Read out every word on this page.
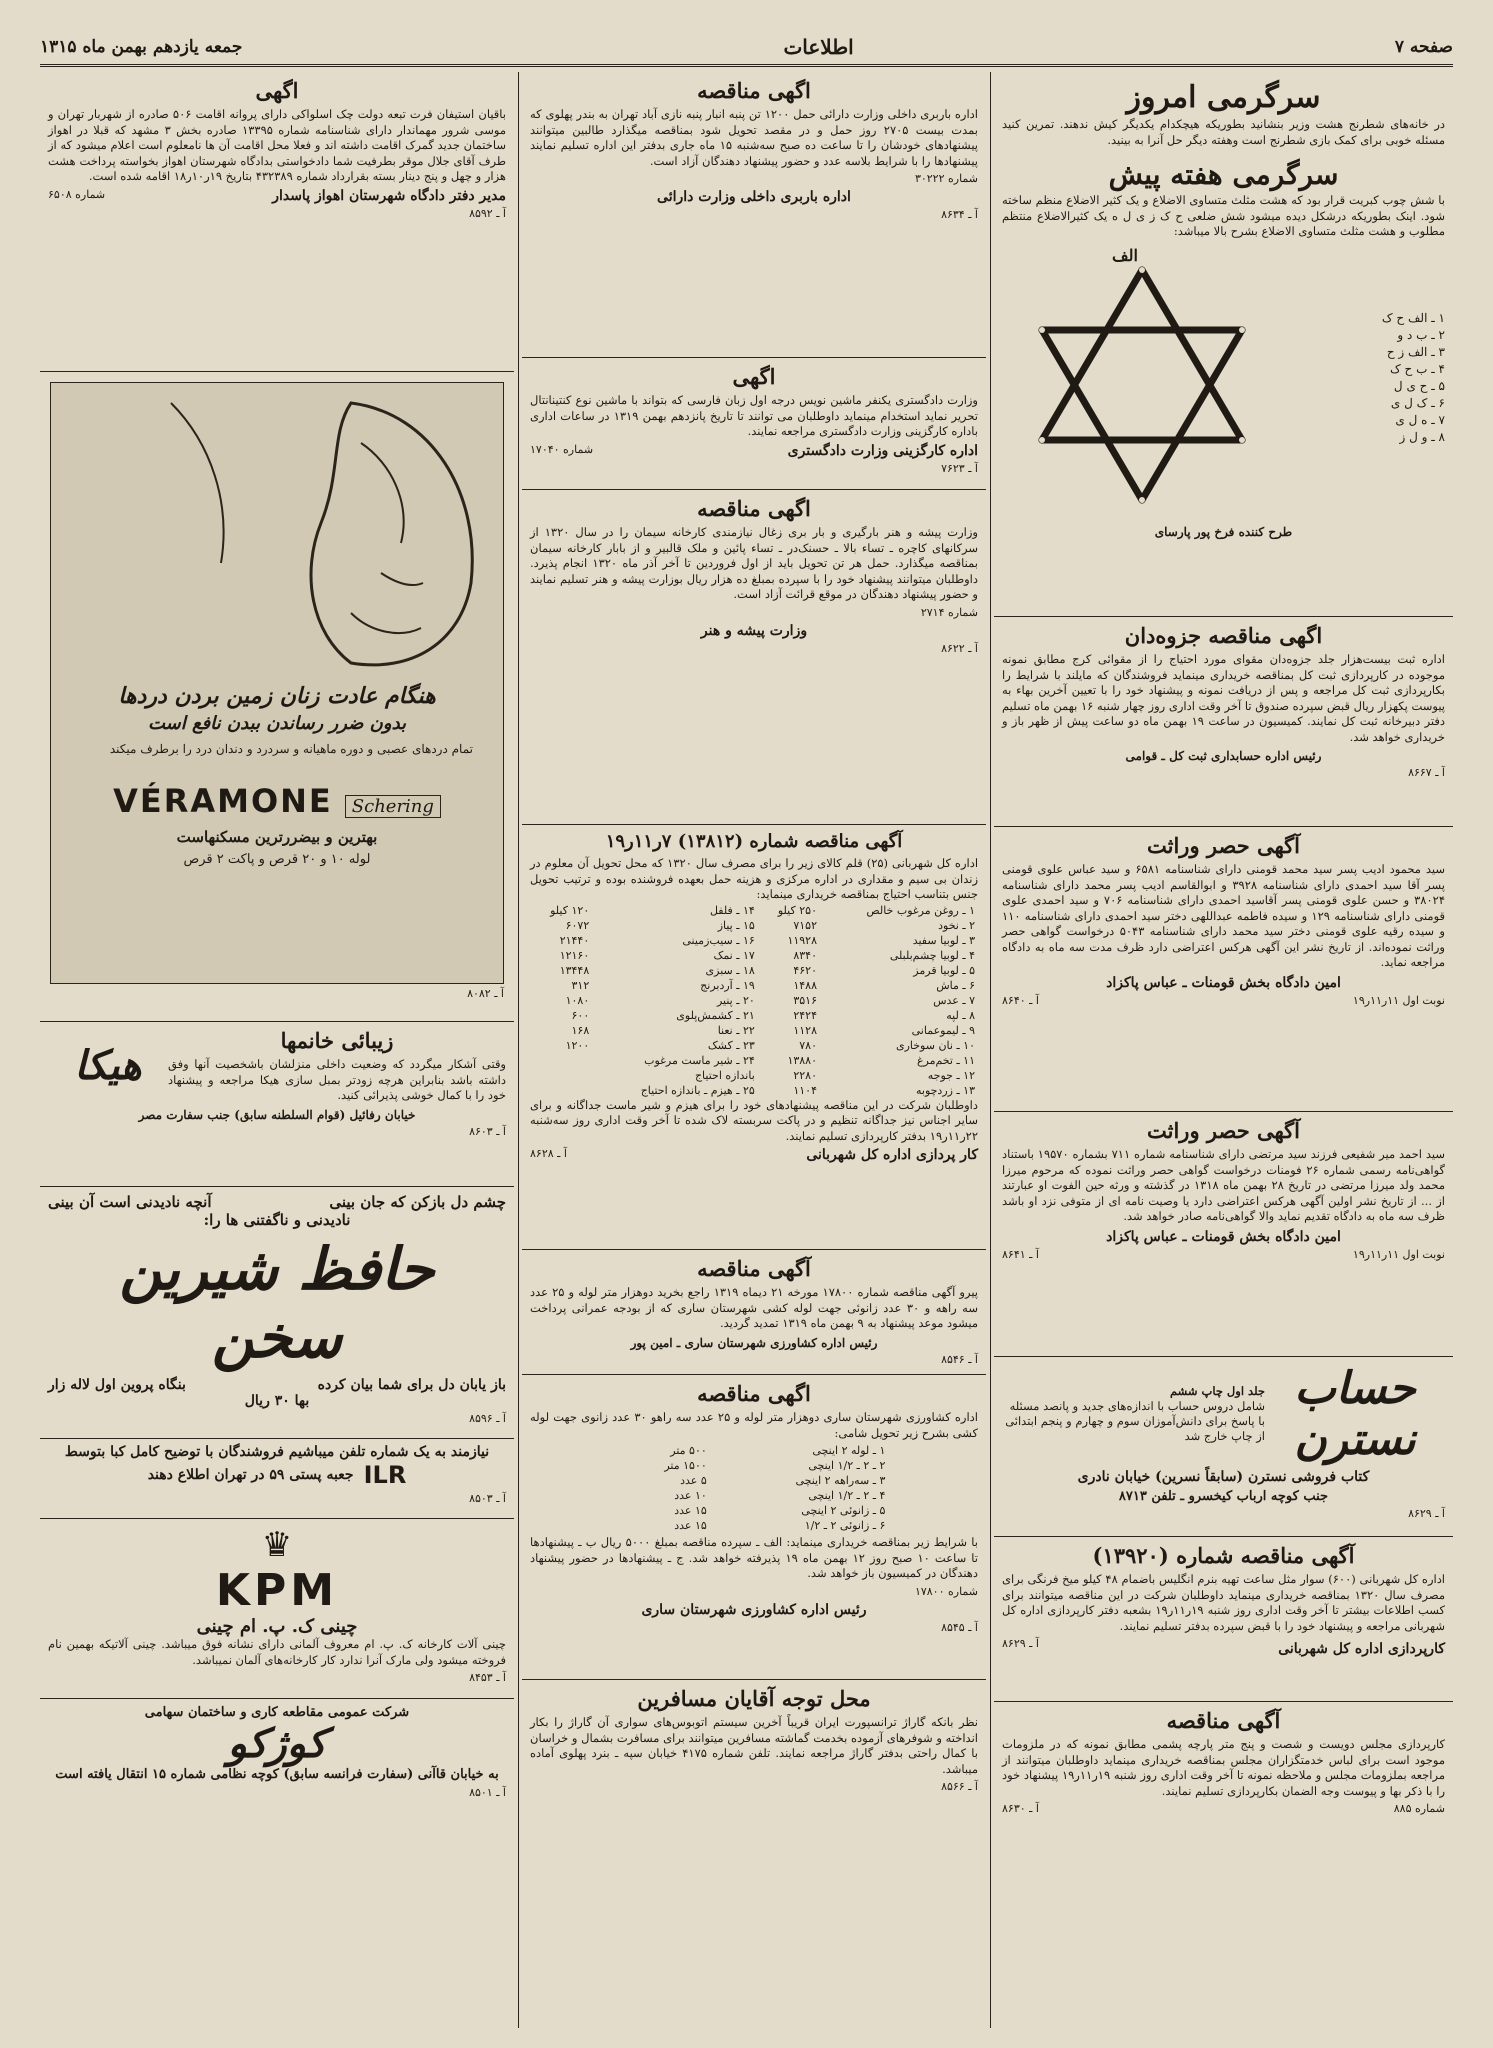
صفحه ۷
اطلاعات
جمعه یازدهم بهمن ماه ۱۳۱۵
سرگرمی امروز

در خانه‌های شطرنج هشت وزیر بنشانید بطوریکه هیچکدام یکدیگر کیش ندهند. تمرین کنید مسئله خوبی برای کمک بازی شطرنج است وهفته دیگر حل آنرا به بینید.

سرگرمی هفته پیش

با شش چوب کبریت قرار بود که هشت مثلث متساوی الاضلاع و یک کثیر الاضلاع منظم ساخته شود. اینک بطوریکه درشکل دیده میشود شش ضلعی ح ک ز ی ل ه یک کثیرالاضلاع منتظم مطلوب و هشت مثلث متساوی الاضلاع بشرح بالا میباشد:

۱ ـ الف ح ک
۲ ـ ب د و
۳ ـ الف ز ح
۴ ـ ب ح ک
۵ ـ ح ی ل
۶ ـ ک ل ی
۷ ـ ه ل ی
۸ ـ و ل ز
الف
طرح کننده فرخ پور پارسای
اگهی مناقصه جزوه‌دان

اداره ثبت بیست‌هزار جلد جزوه‌دان مقوای مورد احتیاج را از مقوائی کرج مطابق نمونه موجوده در کارپردازی ثبت کل بمناقصه خریداری مینماید فروشندگان که مایلند با شرایط را بکارپردازی ثبت کل مراجعه و پس از دریافت نمونه و پیشنهاد خود را با تعیین آخرین بهاء به پیوست پکهزار ریال قبض سپرده صندوق تا آخر وقت اداری روز چهار شنبه ۱۶ بهمن ماه تسلیم دفتر دبیرخانه ثبت کل نمایند. کمیسیون در ساعت ۱۹ بهمن ماه دو ساعت پیش از ظهر باز و خریداری خواهد شد.

رئیس اداره حسابداری ثبت کل ـ قوامی
آ ـ ۸۶۶۷
آگهی حصر وراثت

سید محمود ادیب پسر سید محمد قومنی دارای شناسنامه ۶۵۸۱ و سید عباس علوی قومنی پسر آقا سید احمدی دارای شناسنامه ۳۹۲۸ و ابوالقاسم ادیب پسر محمد دارای شناسنامه ۳۸۰۲۴ و حسن علوی قومنی پسر آقاسید احمدی دارای شناسنامه ۷۰۶ و سید احمدی علوی قومنی دارای شناسنامه ۱۲۹ و سیده فاطمه عبداللهی دختر سید احمدی دارای شناسنامه ۱۱۰ و سیده رقیه علوی قومنی دختر سید محمد دارای شناسنامه ۵۰۴۳ درخواست گواهی حصر وراثت نموده‌اند. از تاریخ نشر این آگهی هرکس اعتراضی دارد ظرف مدت سه ماه به دادگاه مراجعه نماید.

امین دادگاه بخش قومنات ـ عباس پاکزاد
نوبت اول ۱۱ر۱۱ر۱۹
آ ـ ۸۶۴۰
آگهی حصر وراثت

سید احمد میر شفیعی فرزند سید مرتضی دارای شناسنامه شماره ۷۱۱ بشماره ۱۹۵۷۰ باستناد گواهی‌نامه رسمی شماره ۲۶ فومنات درخواست گواهی حصر وراثت نموده که مرحوم میرزا محمد ولد میرزا مرتضی در تاریخ ۲۸ بهمن ماه ۱۳۱۸ در گذشته و ورثه حین الفوت او عبارتند از ... از تاریخ نشر اولین آگهی هرکس اعتراضی دارد یا وصیت نامه ای از متوفی نزد او باشد ظرف سه ماه به دادگاه تقدیم نماید والا گواهی‌نامه صادر خواهد شد.

امین دادگاه بخش قومنات ـ عباس پاکزاد
نوبت اول ۱۱ر۱۱ر۱۹
آ ـ ۸۶۴۱
حساب نسترن
جلد اول چاپ ششم
شامل دروس حساب با اندازه‌های جدید و پانصد مسئله با پاسخ برای دانش‌آموزان سوم و چهارم و پنجم ابتدائی
از چاپ خارج شد
کتاب فروشی نسترن (سابقاً نسرین) خیابان نادری
جنب کوچه ارباب کیخسرو ـ تلفن ۸۷۱۳
آ ـ ۸۶۲۹
آگهی مناقصه شماره (۱۳۹۲۰)

اداره کل شهربانی (۶۰۰) سوار مثل ساعت تهیه بنرم انگلیس باضمام ۴۸ کیلو میخ فرنگی برای مصرف سال ۱۳۲۰ بمناقصه خریداری مینماید داوطلبان شرکت در این مناقصه میتوانند برای کسب اطلاعات بیشتر تا آخر وقت اداری روز شنبه ۱۹ر۱۱ر۱۹ بشعبه دفتر کارپردازی اداره کل شهربانی مراجعه و پیشنهاد خود را با قبض سپرده بدفتر تسلیم نمایند.

کارپردازی اداره کل شهربانی
آ ـ ۸۶۲۹
آگهی مناقصه

کارپردازی مجلس دویست و شصت و پنج متر پارچه پشمی مطابق نمونه که در ملزومات موجود است برای لباس خدمتگزاران مجلس بمناقصه خریداری مینماید داوطلبان میتوانند از مراجعه بملزومات مجلس و ملاحظه نمونه تا آخر وقت اداری روز شنبه ۱۹ر۱۱ر۱۹ پیشنهاد خود را با ذکر بها و پیوست وجه الضمان بکارپردازی تسلیم نمایند.

شماره ۸۸۵
آ ـ ۸۶۳۰
اگهی مناقصه

اداره باربری داخلی وزارت دارائی حمل ۱۲۰۰ تن پنبه انبار پنبه نازی آباد تهران به بندر پهلوی که بمدت بیست ۲۷۰۵ روز حمل و در مقصد تحویل شود بمناقصه میگذارد طالبین میتوانند پیشنهادهای خودشان را تا ساعت ده صبح سه‌شنبه ۱۵ ماه جاری بدفتر این اداره تسلیم نمایند پیشنهادها را با شرایط بلاسه عدد و حضور پیشنهاد دهندگان آزاد است.

شماره ۳۰۲۲۲
اداره باربری داخلی وزارت دارائی
آ ـ ۸۶۳۴
اگهی

وزارت دادگستری یکنفر ماشین نویس درجه اول زبان فارسی که بتواند با ماشین نوع کنتینانتال تحریر نماید استخدام مینماید داوطلبان می توانند تا تاریخ پانزدهم بهمن ۱۳۱۹ در ساعات اداری باداره کارگزینی وزارت دادگستری مراجعه نمایند.

اداره کارگزینی وزارت دادگستری
شماره ۱۷۰۴۰
آ ـ ۷۶۲۳
اگهی مناقصه

وزارت پیشه و هنر بارگیری و بار بری زغال نیازمندی کارخانه سیمان را در سال ۱۳۲۰ از سرکانهای کاچره ـ تساء بالا ـ حسنک‌در ـ تساء پائین و ملک قالبیر و از بابار کارخانه سیمان بمناقصه میگذارد. حمل هر تن تحویل باید از اول فروردین تا آخر آذر ماه ۱۳۲۰ انجام پذیرد. داوطلبان میتوانند پیشنهاد خود را با سپرده بمبلغ ده هزار ریال بوزارت پیشه و هنر تسلیم نمایند و حضور پیشنهاد دهندگان در موقع قرائت آزاد است.

شماره ۲۷۱۴
وزارت پیشه و هنر
آ ـ ۸۶۲۲
آگهی مناقصه شماره (۱۳۸۱۲) ۷ر۱۱ر۱۹

اداره کل شهربانی (۲۵) قلم کالای زیر را برای مصرف سال ۱۳۲۰ که محل تحویل آن معلوم در زندان بی سیم و مقداری در اداره مرکزی و هزینه حمل بعهده فروشنده بوده و ترتیب تحویل جنس بتناسب احتیاج بمناقصه خریداری مینماید:

۱ ـ روغن مرغوب خالص	۲۵۰ کیلو	۱۴ ـ فلفل	۱۲۰ کیلو
۲ ـ نخود	۷۱۵۲	۱۵ ـ پیاز	۶۰۷۲
۳ ـ لوبیا سفید	۱۱۹۲۸	۱۶ ـ سیب‌زمینی	۲۱۴۴۰
۴ ـ لوبیا چشم‌بلبلی	۸۳۴۰	۱۷ ـ نمک	۱۲۱۶۰
۵ ـ لوبیا قرمز	۴۶۲۰	۱۸ ـ سبزی	۱۳۴۴۸
۶ ـ ماش	۱۴۸۸	۱۹ ـ آردبرنج	۳۱۲
۷ ـ عدس	۳۵۱۶	۲۰ ـ پنیر	۱۰۸۰
۸ ـ لپه	۲۴۲۴	۲۱ ـ کشمش‌پلوی	۶۰۰
۹ ـ لیموعمانی	۱۱۲۸	۲۲ ـ نعنا	۱۶۸
۱۰ ـ نان سوخاری	۷۸۰	۲۳ ـ کشک	۱۲۰۰
۱۱ ـ تخم‌مرغ	۱۳۸۸۰	۲۴ ـ شیر ماست مرغوب	
۱۲ ـ جوجه	۲۲۸۰	باندازه احتیاج	
۱۳ ـ زردچوبه	۱۱۰۴	۲۵ ـ هیزم ـ باندازه احتیاج	

داوطلبان شرکت در این مناقصه پیشنهادهای خود را برای هیزم و شیر ماست جداگانه و برای سایر اجناس نیز جداگانه تنظیم و در پاکت سربسته لاک شده تا آخر وقت اداری روز سه‌شنبه ۲۲ر۱۱ر۱۹ بدفتر کارپردازی تسلیم نمایند.

کار پردازی اداره کل شهربانی
آ ـ ۸۶۲۸
آگهی مناقصه

پیرو آگهی مناقصه شماره ۱۷۸۰۰ مورخه ۲۱ دیماه ۱۳۱۹ راجع بخرید دوهزار متر لوله و ۲۵ عدد سه راهه و ۳۰ عدد زانوئی جهت لوله کشی شهرستان ساری که از بودجه عمرانی پرداخت میشود موعد پیشنهاد به ۹ بهمن ماه ۱۳۱۹ تمدید گردید.

رئیس اداره کشاورزی شهرستان ساری ـ امین پور
آ ـ ۸۵۴۶
اگهی مناقصه

اداره کشاورزی شهرستان ساری دوهزار متر لوله و ۲۵ عدد سه راهو ۳۰ عدد زانوی جهت لوله کشی بشرح زیر تحویل شامی:

۱ ـ لوله ۲ اینچی	۵۰۰ متر
۲ ـ ۲ ـ ۱/۲ اینچی	۱۵۰۰ متر
۳ ـ سه‌راهه ۲ اینچی	۵ عدد
۴ ـ ۲ ـ ۱/۲ اینچی	۱۰ عدد
۵ ـ زانوئی ۲ اینچی	۱۵ عدد
۶ ـ زانوئی ۲ ـ ۱/۲	۱۵ عدد

با شرایط زیر بمناقصه خریداری مینماید: الف ـ سپرده مناقصه بمبلغ ۵۰۰۰ ریال ب ـ پیشنهادها تا ساعت ۱۰ صبح روز ۱۲ بهمن ماه ۱۹ پذیرفته خواهد شد. ج ـ پیشنهادها در حضور پیشنهاد دهندگان در کمیسیون باز خواهد شد.

شماره ۱۷۸۰۰
رئیس اداره کشاورزی شهرستان ساری
آ ـ ۸۵۴۵
محل توجه آقایان مسافرین

نظر بانکه گاراژ ترانسپورت ایران قریباً آخرین سیستم اتوبوس‌های سواری آن گاراژ را بکار انداخته و شوفرهای آزموده بخدمت گماشته مسافرین میتوانند برای مسافرت بشمال و خراسان با کمال راحتی بدفتر گاراژ مراجعه نمایند. تلفن شماره ۴۱۷۵ خیابان سپه ـ بنرد پهلوی آماده میباشد.

آ ـ ۸۵۶۶
اگهی

باقیان استیفان فرت تبعه دولت چک اسلواکی دارای پروانه اقامت ۵۰۶ صادره از شهربار تهران و موسی شرور مهماندار دارای شناسنامه شماره ۱۳۳۹۵ صادره بخش ۳ مشهد که قبلا در اهواز ساختمان جدید گمرک اقامت داشته اند و فعلا محل اقامت آن ها نامعلوم است اعلام میشود که از طرف آقای جلال موقر بطرفیت شما دادخواستی بدادگاه شهرستان اهواز بخواسته پرداخت هشت هزار و چهل و پنج دینار بسته بقرارداد شماره ۴۳۲۳۸۹ بتاریخ ۱۹ر۱۰ر۱۸ اقامه شده است.

مدیر دفتر دادگاه شهرستان اهواز پاسدار
شماره ۶۵۰۸
آ ـ ۸۵۹۲
هنگام عادت زنان زمین بردن دردها
بدون ضرر رساندن ببدن نافع است

تمام دردهای عصبی و دوره ماهیانه و سردرد و دندان درد را برطرف میکند

VÉRAMONE	Schering
بهترین و بیضررترین مسکنهاست
لوله ۱۰ و ۲۰ قرص و پاکت ۲ قرص
آ ـ ۸۰۸۲
زیبائی خانمها

وقتی آشکار میگردد که وضعیت داخلی منزلشان باشخصیت آنها وفق داشته باشد بنابراین هرچه زودتر بمبل سازی هیکا مراجعه و پیشنهاد خود را با کمال خوشی پذیرائی کنید.

هیکا
خیابان رفائیل (قوام السلطنه سابق) جنب سفارت مصر
آ ـ ۸۶۰۳
چشم دل بازکن که جان بینی
آنچه نادیدنی است آن بینی
نادیدنی و ناگفتنی ها را:
حافظ شیرین سخن
باز یابان دل برای شما بیان کرده
بنگاه پروین اول لاله زار
بها ۳۰ ریال
آ ـ ۸۵۹۶

نیازمند به یک شماره تلفن میباشیم فروشندگان با توضیح کامل کبا بتوسط

ILR
جعبه پستی ۵۹ در تهران اطلاع دهند
آ ـ ۸۵۰۳
♛
KPM
چینی ک. پ. ام چینی

چینی آلات کارخانه ک. پ. ام معروف آلمانی دارای نشانه فوق میباشد. چینی آلاتیکه بهمین نام فروخته میشود ولی مارک آنرا ندارد کار کارخانه‌های آلمان نمیباشد.

آ ـ ۸۴۵۳
شرکت عمومی مقاطعه کاری و ساختمان سهامی
کوژکو

به خیابان قاآنی (سفارت فرانسه سابق) کوچه نظامی شماره ۱۵ انتقال یافته است

آ ـ ۸۵۰۱
